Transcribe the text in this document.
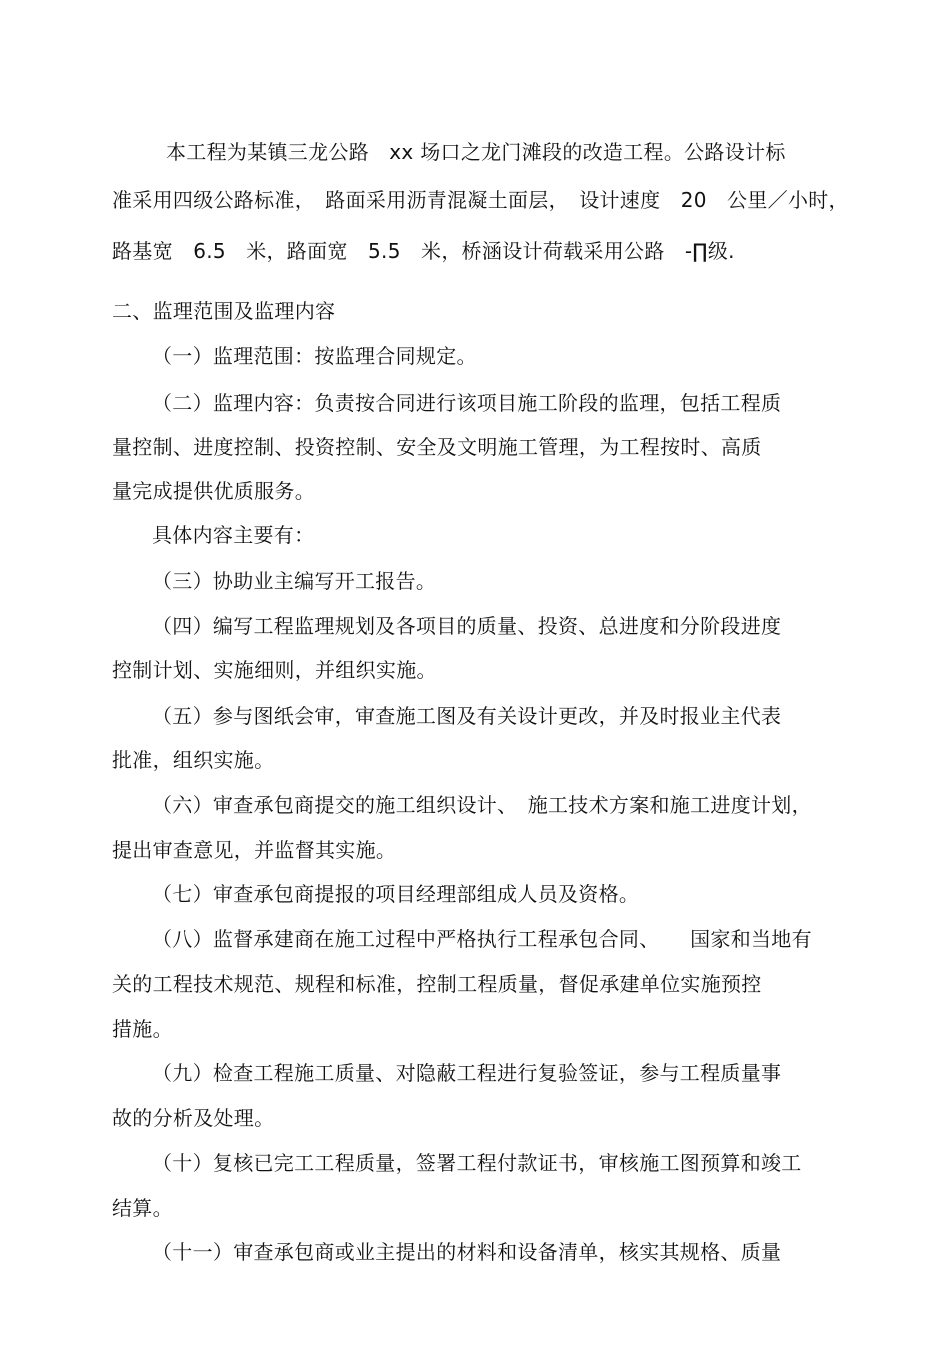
本工程为某镇三龙公路　xx 场口之龙门滩段的改造工程。公路设计标
准采用四级公路标准，　路面采用沥青混凝土面层，　设计速度　20　公里／小时，
路基宽　6.5　米，路面宽　5.5　米，桥涵设计荷载采用公路　-∏级.
二、监理范围及监理内容
（一）监理范围：按监理合同规定。
（二）监理内容：负责按合同进行该项目施工阶段的监理，包括工程质
量控制、进度控制、投资控制、安全及文明施工管理，为工程按时、高质
量完成提供优质服务。
具体内容主要有：
（三）协助业主编写开工报告。
（四）编写工程监理规划及各项目的质量、投资、总进度和分阶段进度
控制计划、实施细则，并组织实施。
（五）参与图纸会审，审查施工图及有关设计更改，并及时报业主代表
批准，组织实施。
（六）审查承包商提交的施工组织设计、　施工技术方案和施工进度计划，
提出审查意见，并监督其实施。
（七）审查承包商提报的项目经理部组成人员及资格。
（八）监督承建商在施工过程中严格执行工程承包合同、　　国家和当地有
关的工程技术规范、规程和标准，控制工程质量，督促承建单位实施预控
措施。
（九）检查工程施工质量、对隐蔽工程进行复验签证，参与工程质量事
故的分析及处理。
（十）复核已完工工程质量，签署工程付款证书，审核施工图预算和竣工
结算。
（十一）审查承包商或业主提出的材料和设备清单，核实其规格、质量
